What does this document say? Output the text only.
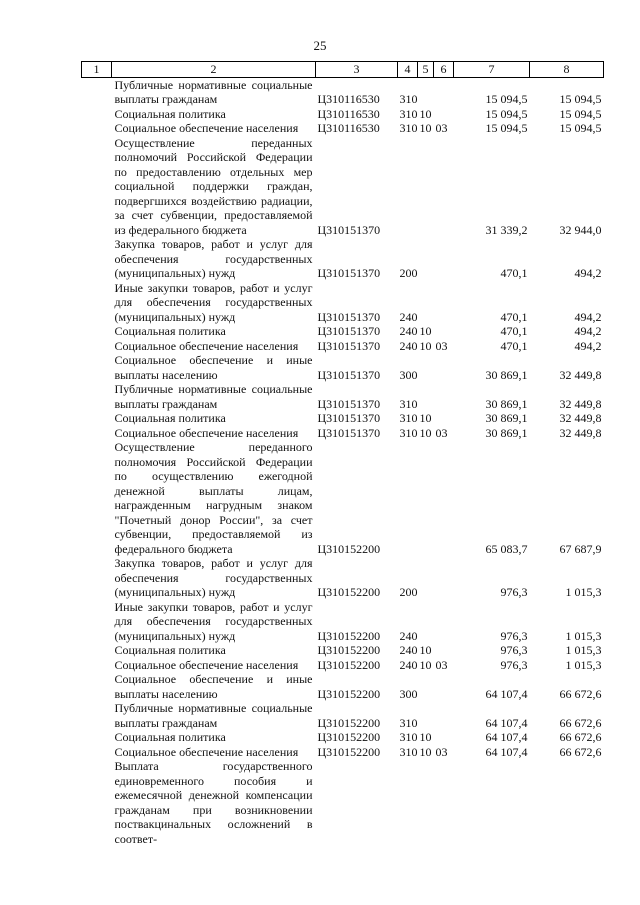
25
1	2	3	4	5	6	7	8
	Публичные нормативные социальные выплаты гражданам	Ц310116530	310			15 094,5	15 094,5
	Социальная политика	Ц310116530	310	10		15 094,5	15 094,5
	Социальное обеспечение населения	Ц310116530	310	10	03	15 094,5	15 094,5
	Осуществление переданных полномочий Российской Федерации по предоставлению отдельных мер социальной поддержки граждан, подвергшихся воздействию радиации, за счет субвенции, предоставляемой из федерального бюджета	Ц310151370				31 339,2	32 944,0
	Закупка товаров, работ и услуг для обеспечения государственных (муниципальных) нужд	Ц310151370	200			470,1	494,2
	Иные закупки товаров, работ и услуг для обеспечения государственных (муниципальных) нужд	Ц310151370	240			470,1	494,2
	Социальная политика	Ц310151370	240	10		470,1	494,2
	Социальное обеспечение населения	Ц310151370	240	10	03	470,1	494,2
	Социальное обеспечение и иные выплаты населению	Ц310151370	300			30 869,1	32 449,8
	Публичные нормативные социальные выплаты гражданам	Ц310151370	310			30 869,1	32 449,8
	Социальная политика	Ц310151370	310	10		30 869,1	32 449,8
	Социальное обеспечение населения	Ц310151370	310	10	03	30 869,1	32 449,8
	Осуществление переданного полномочия Российской Федерации по осуществлению ежегодной денежной выплаты лицам, награжденным нагрудным знаком "Почетный донор России", за счет субвенции, предоставляемой из федерального бюджета	Ц310152200				65 083,7	67 687,9
	Закупка товаров, работ и услуг для обеспечения государственных (муниципальных) нужд	Ц310152200	200			976,3	1 015,3
	Иные закупки товаров, работ и услуг для обеспечения государственных (муниципальных) нужд	Ц310152200	240			976,3	1 015,3
	Социальная политика	Ц310152200	240	10		976,3	1 015,3
	Социальное обеспечение населения	Ц310152200	240	10	03	976,3	1 015,3
	Социальное обеспечение и иные выплаты населению	Ц310152200	300			64 107,4	66 672,6
	Публичные нормативные социальные выплаты гражданам	Ц310152200	310			64 107,4	66 672,6
	Социальная политика	Ц310152200	310	10		64 107,4	66 672,6
	Социальное обеспечение населения	Ц310152200	310	10	03	64 107,4	66 672,6
	Выплата государственного единовременного пособия и ежемесячной денежной компенсации гражданам при возникновении поствакцинальных осложнений в соответ-						
